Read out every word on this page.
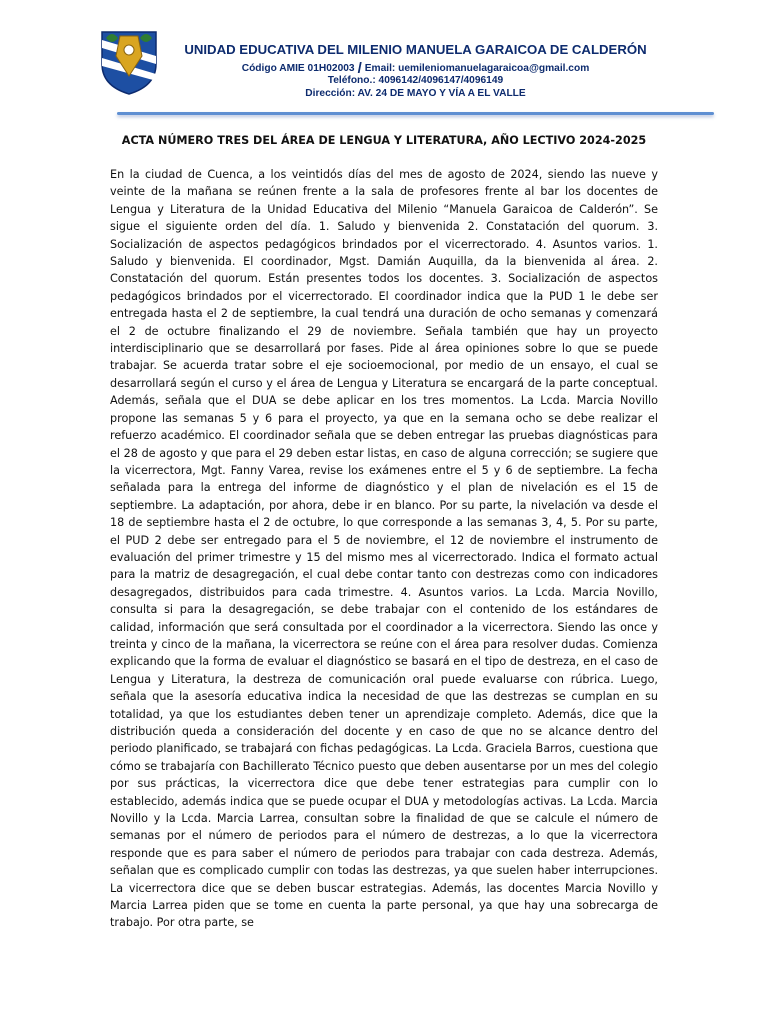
UNIDAD EDUCATIVA DEL MILENIO MANUELA GARAICOA DE CALDERÓN
Código AMIE 01H02003 / Email: uemileniomanuelagaraicoa@gmail.com
Teléfono.: 4096142/4096147/4096149
Dirección: AV. 24 DE MAYO Y VÍA A EL VALLE
ACTA NÚMERO TRES DEL ÁREA DE LENGUA Y LITERATURA, AÑO LECTIVO 2024-2025

En la ciudad de Cuenca, a los veintidós días del mes de agosto de 2024, siendo las nueve y veinte de la mañana se reúnen frente a la sala de profesores frente al bar los docentes de Lengua y Literatura de la Unidad Educativa del Milenio “Manuela Garaicoa de Calderón”. Se sigue el siguiente orden del día. 1. Saludo y bienvenida 2. Constatación del quorum. 3. Socialización de aspectos pedagógicos brindados por el vicerrectorado. 4. Asuntos varios. 1. Saludo y bienvenida. El coordinador, Mgst. Damián Auquilla, da la bienvenida al área. 2. Constatación del quorum. Están presentes todos los docentes. 3. Socialización de aspectos pedagógicos brindados por el vicerrectorado. El coordinador indica que la PUD 1 le debe ser entregada hasta el 2 de septiembre, la cual tendrá una duración de ocho semanas y comenzará el 2 de octubre finalizando el 29 de noviembre. Señala también que hay un proyecto interdisciplinario que se desarrollará por fases. Pide al área opiniones sobre lo que se puede trabajar. Se acuerda tratar sobre el eje socioemocional, por medio de un ensayo, el cual se desarrollará según el curso y el área de Lengua y Literatura se encargará de la parte conceptual. Además, señala que el DUA se debe aplicar en los tres momentos. La Lcda. Marcia Novillo propone las semanas 5 y 6 para el proyecto, ya que en la semana ocho se debe realizar el refuerzo académico. El coordinador señala que se deben entregar las pruebas diagnósticas para el 28 de agosto y que para el 29 deben estar listas, en caso de alguna corrección; se sugiere que la vicerrectora, Mgt. Fanny Varea, revise los exámenes entre el 5 y 6 de septiembre. La fecha señalada para la entrega del informe de diagnóstico y el plan de nivelación es el 15 de septiembre. La adaptación, por ahora, debe ir en blanco. Por su parte, la nivelación va desde el 18 de septiembre hasta el 2 de octubre, lo que corresponde a las semanas 3, 4, 5. Por su parte, el PUD 2 debe ser entregado para el 5 de noviembre, el 12 de noviembre el instrumento de evaluación del primer trimestre y 15 del mismo mes al vicerrectorado. Indica el formato actual para la matriz de desagregación, el cual debe contar tanto con destrezas como con indicadores desagregados, distribuidos para cada trimestre. 4. Asuntos varios. La Lcda. Marcia Novillo, consulta si para la desagregación, se debe trabajar con el contenido de los estándares de calidad, información que será consultada por el coordinador a la vicerrectora. Siendo las once y treinta y cinco de la mañana, la vicerrectora se reúne con el área para resolver dudas. Comienza explicando que la forma de evaluar el diagnóstico se basará en el tipo de destreza, en el caso de Lengua y Literatura, la destreza de comunicación oral puede evaluarse con rúbrica. Luego, señala que la asesoría educativa indica la necesidad de que las destrezas se cumplan en su totalidad, ya que los estudiantes deben tener un aprendizaje completo. Además, dice que la distribución queda a consideración del docente y en caso de que no se alcance dentro del periodo planificado, se trabajará con fichas pedagógicas. La Lcda. Graciela Barros, cuestiona que cómo se trabajaría con Bachillerato Técnico puesto que deben ausentarse por un mes del colegio por sus prácticas, la vicerrectora dice que debe tener estrategias para cumplir con lo establecido, además indica que se puede ocupar el DUA y metodologías activas. La Lcda. Marcia Novillo y la Lcda. Marcia Larrea, consultan sobre la finalidad de que se calcule el número de semanas por el número de periodos para el número de destrezas, a lo que la vicerrectora responde que es para saber el número de periodos para trabajar con cada destreza. Además, señalan que es complicado cumplir con todas las destrezas, ya que suelen haber interrupciones. La vicerrectora dice que se deben buscar estrategias. Además, las docentes Marcia Novillo y Marcia Larrea piden que se tome en cuenta la parte personal, ya que hay una sobrecarga de trabajo. Por otra parte, se
